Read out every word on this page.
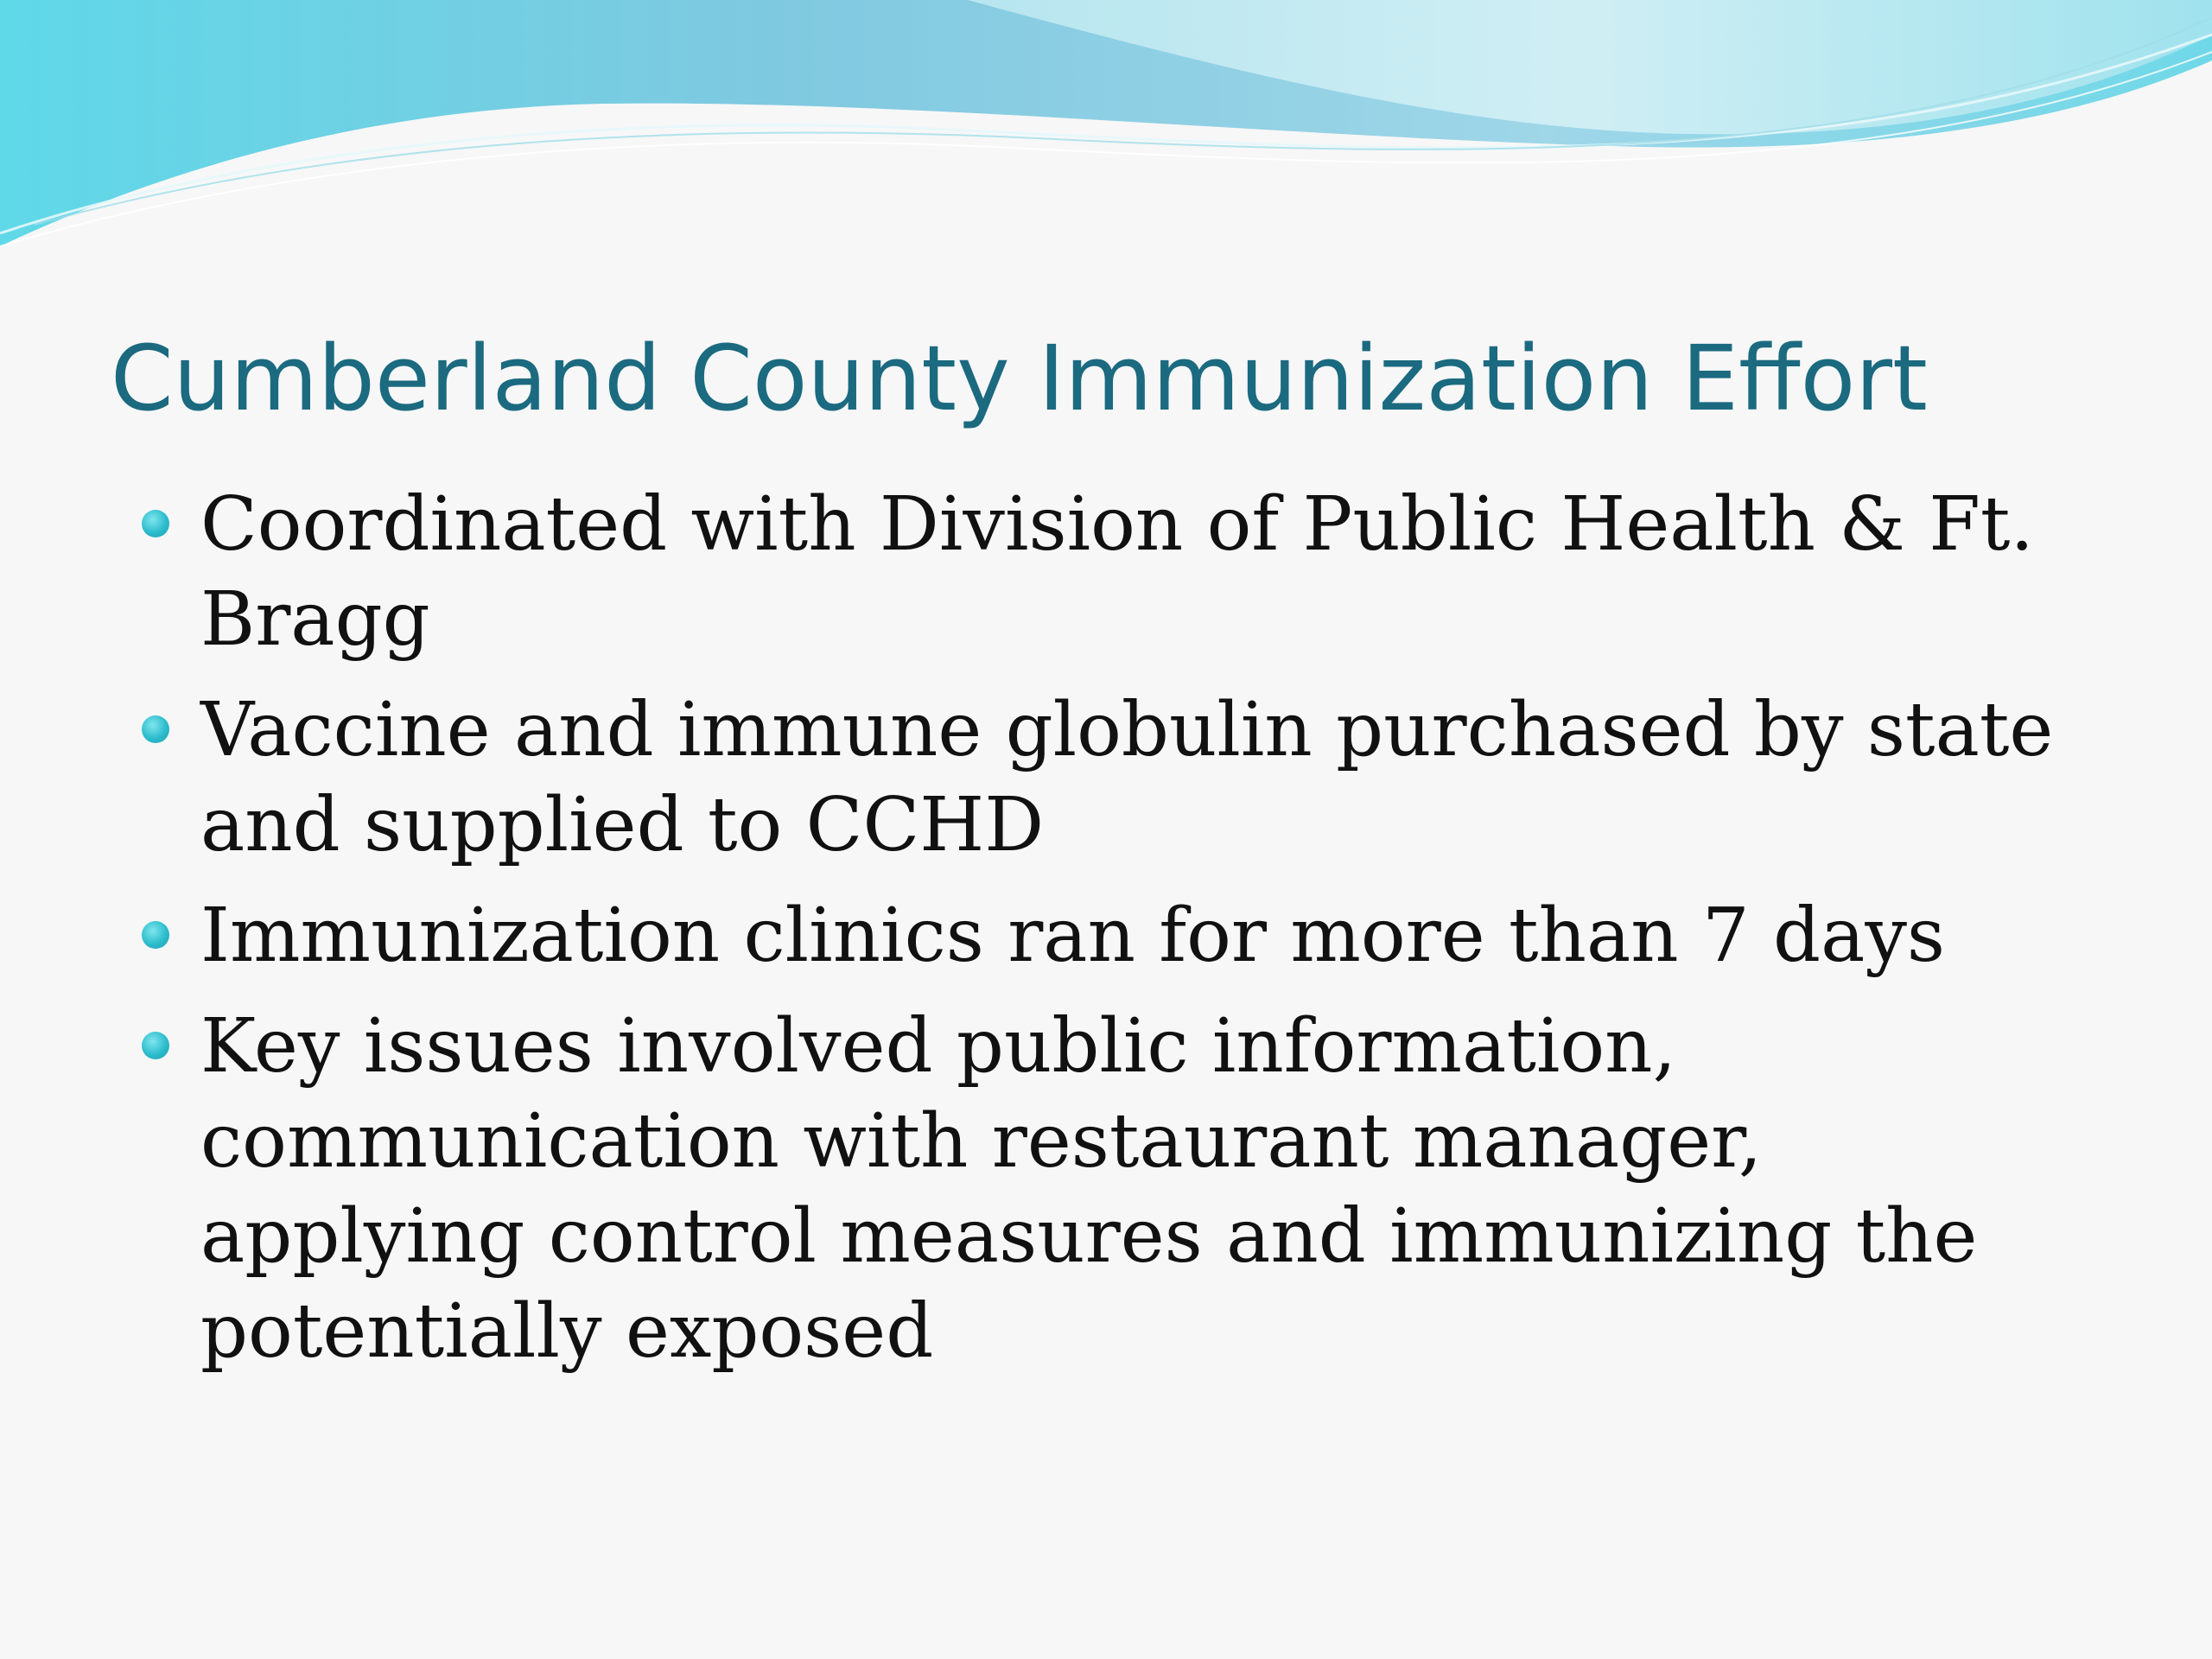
Cumberland County Immunization Effort
Coordinated with Division of Public Health & Ft. Bragg
Vaccine and immune globulin purchased by state and supplied to CCHD
Immunization clinics ran for more than 7 days
Key issues involved public information, communication with restaurant manager, applying control measures and immunizing the potentially exposed
